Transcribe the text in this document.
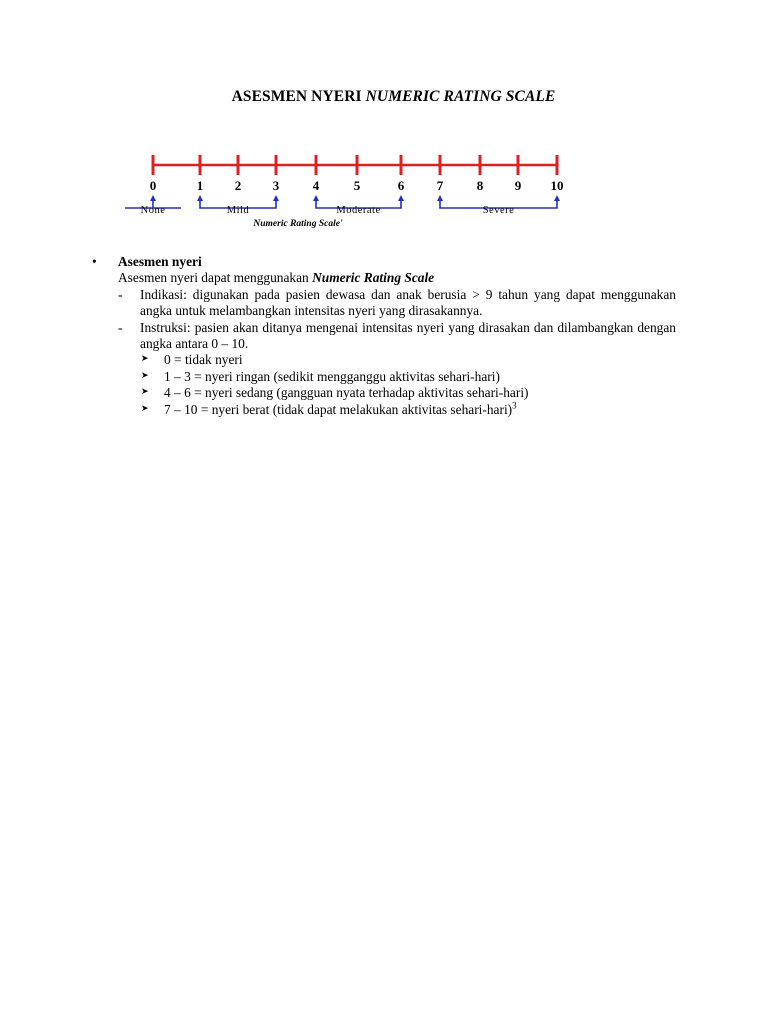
ASESMEN NYERI NUMERIC RATING SCALE
0	1 2 3	4	5	6	7	8 9 10
None	Mild	Moderate	Severe
Numeric Rating Scale'
• Asesmen nyeri
Asesmen nyeri dapat menggunakan Numeric Rating Scale
- Indikasi: digunakan pada pasien dewasa dan anak berusia > 9 tahun yang dapat menggunakan angka untuk melambangkan intensitas nyeri yang dirasakannya.
- Instruksi: pasien akan ditanya mengenai intensitas nyeri yang dirasakan dan dilambangkan dengan angka antara 0 – 10.
➤ 0 = tidak nyeri
➤ 1 – 3 = nyeri ringan (sedikit mengganggu aktivitas sehari-hari)
➤ 4 – 6 = nyeri sedang (gangguan nyata terhadap aktivitas sehari-hari)
➤ 7 – 10 = nyeri berat (tidak dapat melakukan aktivitas sehari-hari)$^3$
